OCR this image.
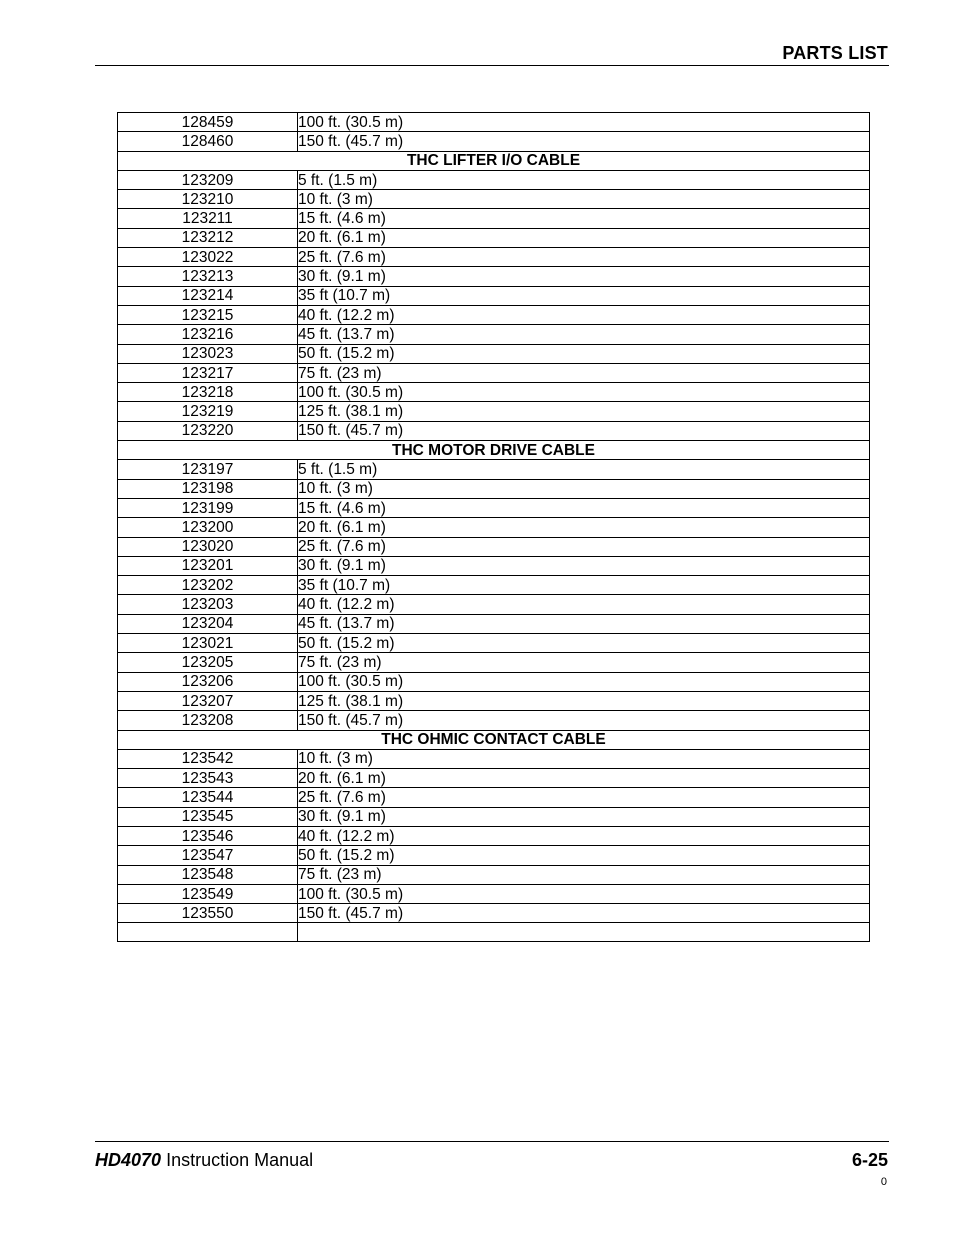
PARTS LIST
128459	100 ft. (30.5 m)
128460	150 ft. (45.7 m)
THC LIFTER I/O CABLE	
123209	5 ft. (1.5 m)
123210	10 ft. (3 m)
123211	15 ft. (4.6 m)
123212	20 ft. (6.1 m)
123022	25 ft. (7.6 m)
123213	30 ft. (9.1 m)
123214	35 ft (10.7 m)
123215	40 ft. (12.2 m)
123216	45 ft. (13.7 m)
123023	50 ft. (15.2 m)
123217	75 ft. (23 m)
123218	100 ft. (30.5 m)
123219	125 ft. (38.1 m)
123220	150 ft. (45.7 m)
THC MOTOR DRIVE CABLE	
123197	5 ft. (1.5 m)
123198	10 ft. (3 m)
123199	15 ft. (4.6 m)
123200	20 ft. (6.1 m)
123020	25 ft. (7.6 m)
123201	30 ft. (9.1 m)
123202	35 ft (10.7 m)
123203	40 ft. (12.2 m)
123204	45 ft. (13.7 m)
123021	50 ft. (15.2 m)
123205	75 ft. (23 m)
123206	100 ft. (30.5 m)
123207	125 ft. (38.1 m)
123208	150 ft. (45.7 m)
THC OHMIC CONTACT CABLE	
123542	10 ft. (3 m)
123543	20 ft. (6.1 m)
123544	25 ft. (7.6 m)
123545	30 ft. (9.1 m)
123546	40 ft. (12.2 m)
123547	50 ft. (15.2 m)
123548	75 ft. (23 m)
123549	100 ft. (30.5 m)
123550	150 ft. (45.7 m)

HD4070 Instruction Manual	6-25
0
